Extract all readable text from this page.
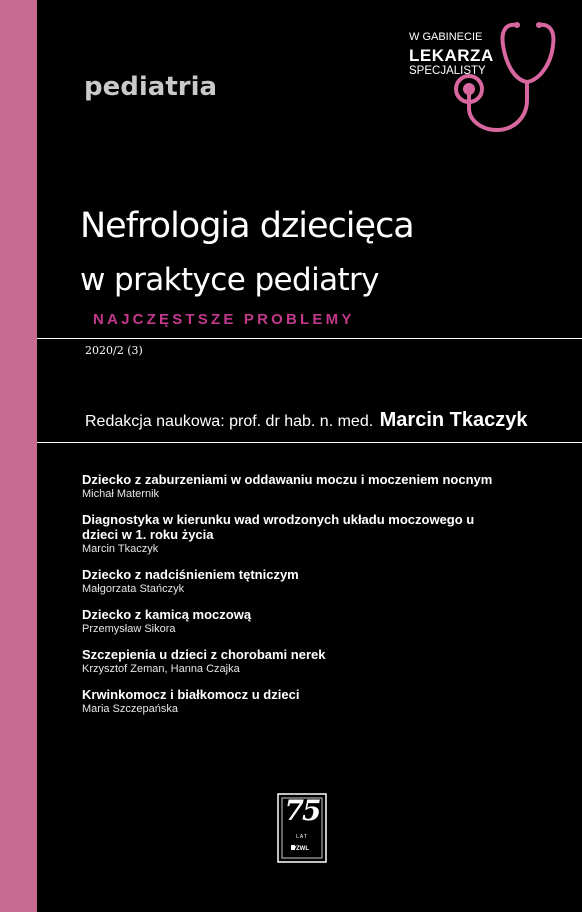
pediatria
W GABINECIE
LEKARZA
SPECJALISTY
Nefrologia dziecięca
w praktyce pediatry
NAJCZĘSTSZE PROBLEMY
2020/2 (3)
Redakcja naukowa: prof. dr hab. n. med. Marcin Tkaczyk
Dziecko z zaburzeniami w oddawaniu moczu i moczeniem nocnym
Michał Maternik
Diagnostyka w kierunku wad wrodzonych układu moczowego u dzieci w 1. roku życia
Marcin Tkaczyk
Dziecko z nadciśnieniem tętniczym
Małgorzata Stańczyk
Dziecko z kamicą moczową
Przemysław Sikora
Szczepienia u dzieci z chorobami nerek
Krzysztof Zeman, Hanna Czajka
Krwinkomocz i białkomocz u dzieci
Maria Szczepańska
75
LAT
PZWL
